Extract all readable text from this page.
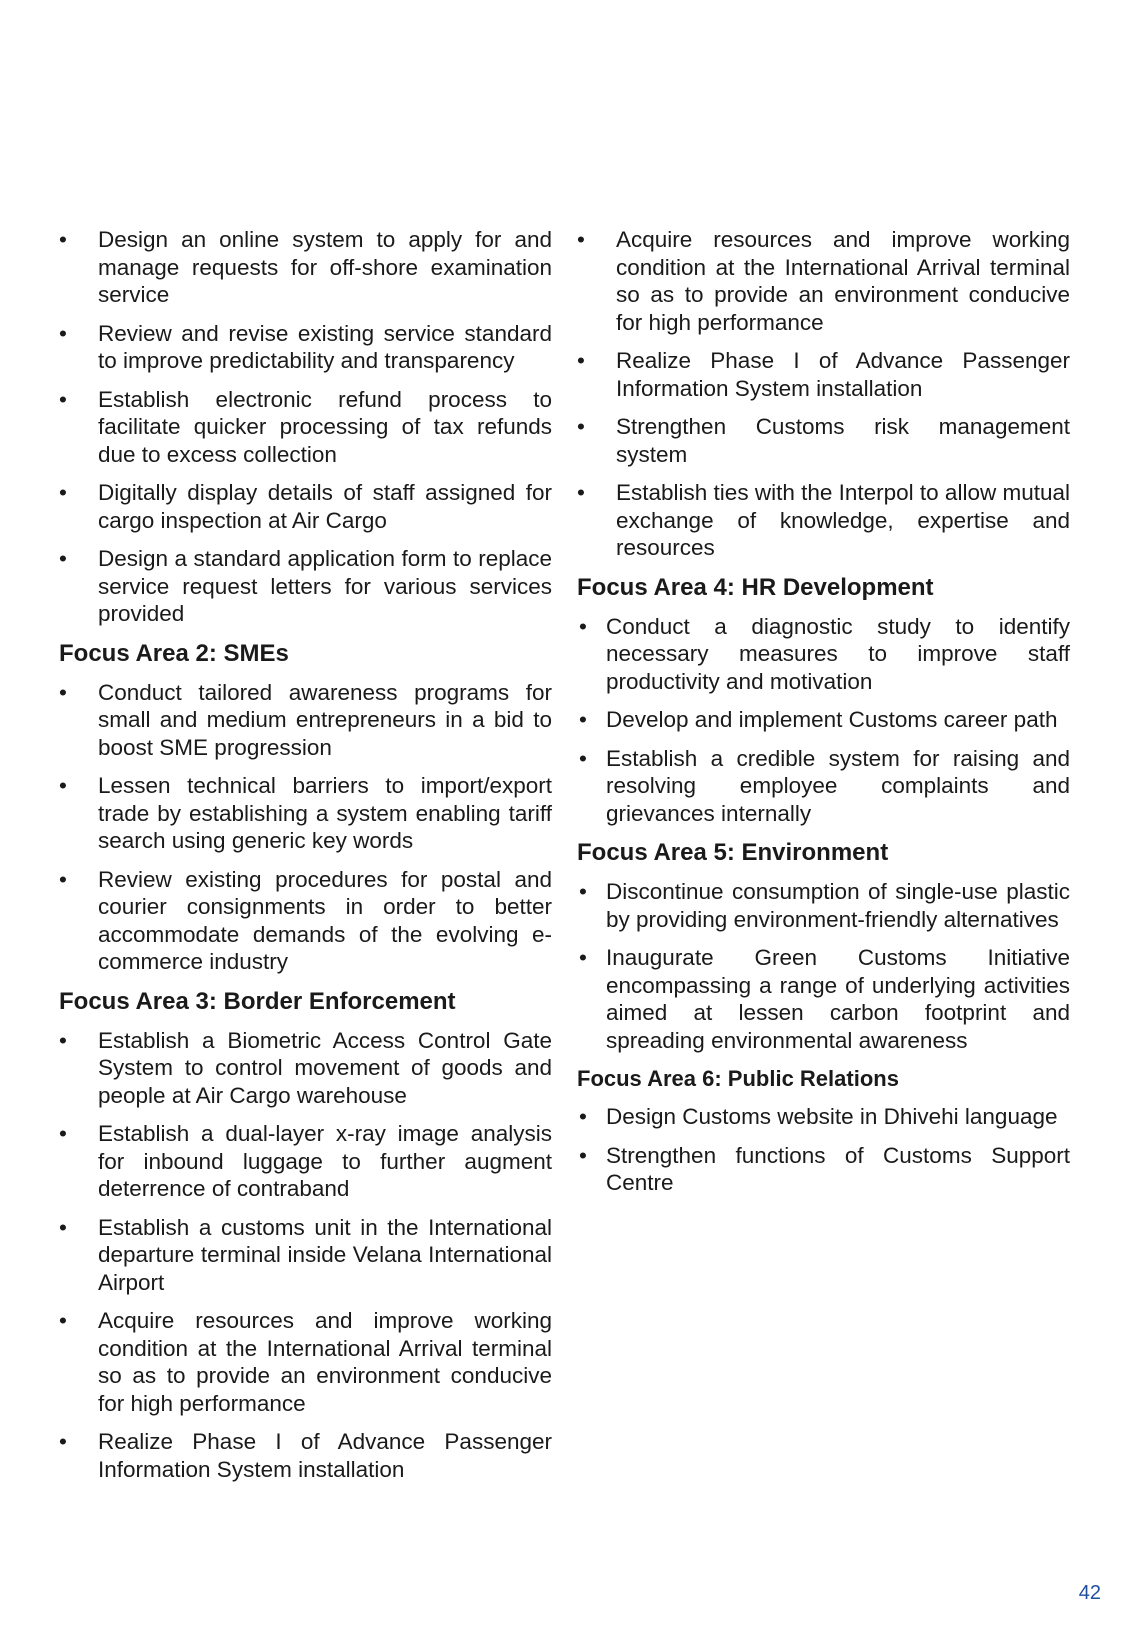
• Design an online system to apply for and manage requests for off-shore examination service
• Review and revise existing service standard to improve predictability and transparency
• Establish electronic refund process to facilitate quicker processing of tax refunds due to excess collection
• Digitally display details of staff assigned for cargo inspection at Air Cargo
• Design a standard application form to replace service request letters for various services provided
Focus Area 2: SMEs
• Conduct tailored awareness programs for small and medium entrepreneurs in a bid to boost SME progression
• Lessen technical barriers to import/export trade by establishing a system enabling tariff search using generic key words
• Review existing procedures for postal and courier consignments in order to better accommodate demands of the evolving e-commerce industry
Focus Area 3: Border Enforcement
• Establish a Biometric Access Control Gate System to control movement of goods and people at Air Cargo warehouse
• Establish a dual-layer x-ray image analysis for inbound luggage to further augment deterrence of contraband
• Establish a customs unit in the International departure terminal inside Velana International Airport
• Acquire resources and improve working condition at the International Arrival terminal so as to provide an environment conducive for high performance
• Realize Phase I of Advance Passenger Information System installation
• Acquire resources and improve working condition at the International Arrival terminal so as to provide an environment conducive for high performance
• Realize Phase I of Advance Passenger Information System installation
• Strengthen Customs risk management system
• Establish ties with the Interpol to allow mutual exchange of knowledge, expertise and resources
Focus Area 4: HR Development
• Conduct a diagnostic study to identify necessary measures to improve staff productivity and motivation
• Develop and implement Customs career path
• Establish a credible system for raising and resolving employee complaints and grievances internally
Focus Area 5: Environment
• Discontinue consumption of single-use plastic by providing environment-friendly alternatives
• Inaugurate Green Customs Initiative encompassing a range of underlying activities aimed at lessen carbon footprint and spreading environmental awareness
Focus Area 6: Public Relations
• Design Customs website in Dhivehi language
• Strengthen functions of Customs Support Centre
42
